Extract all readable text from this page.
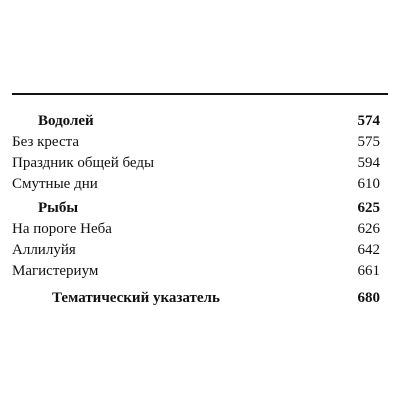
Водолей	574
Без креста	575
Праздник общей беды	594
Смутные дни	610
Рыбы	625
На пороге Неба	626
Аллилуйя	642
Магистериум	661
Тематический указатель	680
